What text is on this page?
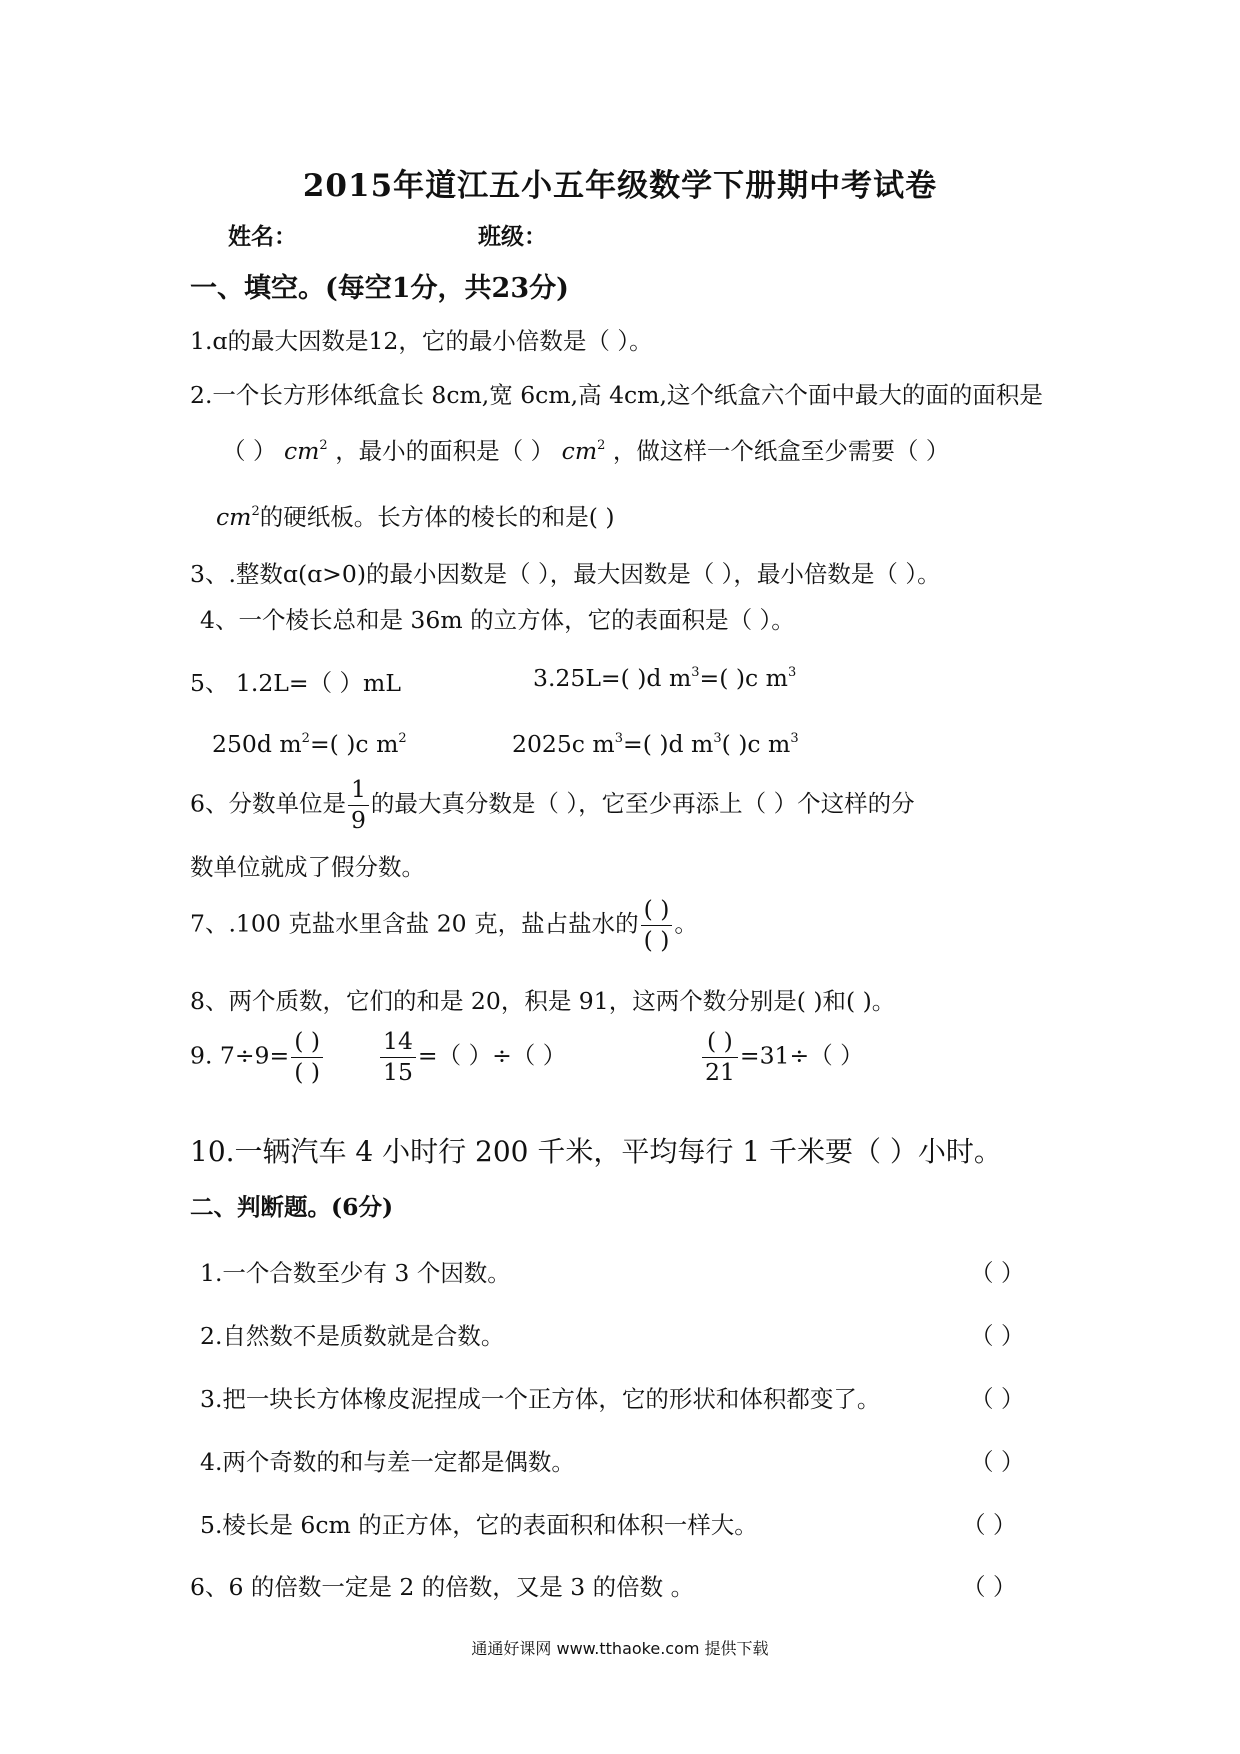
2015年道江五小五年级数学下册期中考试卷
姓名：	班级：
一、填空。(每空1分，共23分)
1.ɑ的最大因数是12，它的最小倍数是（ ）。
2.一个长方形体纸盒长 8cm,宽 6cm,高 4cm,这个纸盒六个面中最大的面的面积是
（ ） $cm^2$ ，最小的面积是（ ） $cm^2$ ，做这样一个纸盒至少需要（ ）
$cm^2$的硬纸板。长方体的棱长的和是( )
3、.整数ɑ(ɑ>0)的最小因数是（ ），最大因数是（ ），最小倍数是（ ）。
4、一个棱长总和是 36m 的立方体，它的表面积是（ ）。
5、 1.2L=（ ）mL	3.25L=( )d $m^3=$( )c $m^3$
250d $m^2=$( )c $m^2$	2025c $m^3=$( )d $m^3$( )c $m^3$
6、分数单位是 $\frac{1}{9}$ 的最大真分数是（ ），它至少再添上（ ）个这样的分
数单位就成了假分数。
7、.100 克盐水里含盐 20 克，盐占盐水的 $\frac{( )}{( )}$ 。
8、两个质数，它们的和是 20，积是 91，这两个数分别是( )和( )。
9. $7\div 9= \frac{( )}{( )} \frac{14}{15}$ =（ ）÷（ ）	$\frac{( )}{21} =31\div$（ ）
10.一辆汽车 4 小时行 200 千米，平均每行 1 千米要（ ）小时。
二、判断题。(6分)
1.一个合数至少有 3 个因数。	（ ）
2.自然数不是质数就是合数。	（ ）
3.把一块长方体橡皮泥捏成一个正方体，它的形状和体积都变了。	（ ）
4.两个奇数的和与差一定都是偶数。	（ ）
5.棱长是 6cm 的正方体，它的表面积和体积一样大。	（ ）
6、6 的倍数一定是 2 的倍数，又是 3 的倍数 。	（ ）
通通好课网 www.tthaoke.com 提供下载
